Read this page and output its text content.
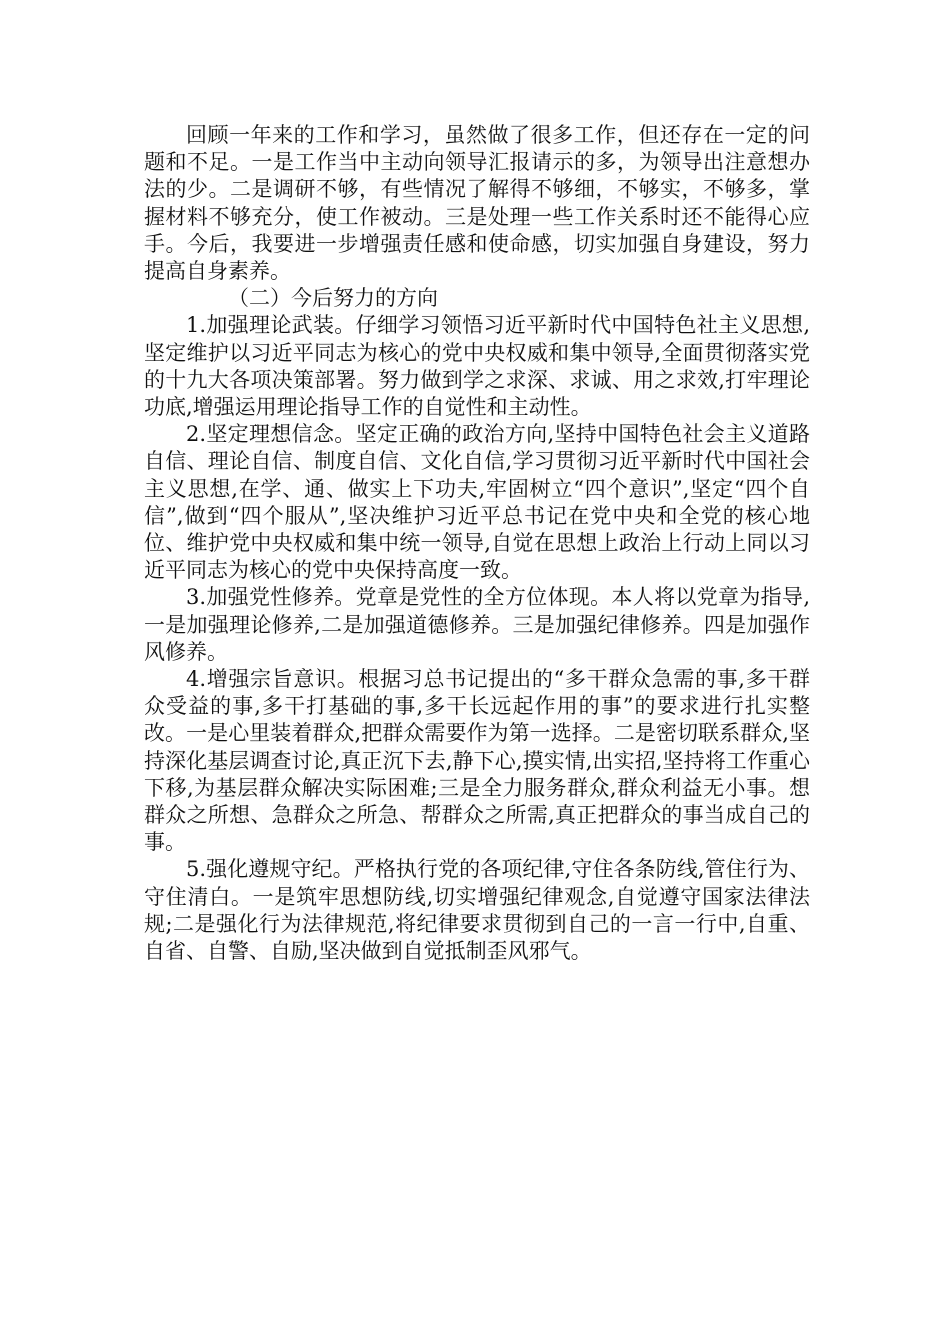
回顾一年来的工作和学习，虽然做了很多工作，但还存在一定的问题和不足。一是工作当中主动向领导汇报请示的多，为领导出注意想办法的少。二是调研不够，有些情况了解得不够细，不够实，不够多，掌握材料不够充分，使工作被动。三是处理一些工作关系时还不能得心应手。今后，我要进一步增强责任感和使命感，切实加强自身建设，努力提高自身素养。

（二）今后努力的方向

1.加强理论武装。仔细学习领悟习近平新时代中国特色社主义思想,坚定维护以习近平同志为核心的党中央权威和集中领导,全面贯彻落实党的十九大各项决策部署。努力做到学之求深、求诚、用之求效,打牢理论功底,增强运用理论指导工作的自觉性和主动性。

2.坚定理想信念。坚定正确的政治方向,坚持中国特色社会主义道路自信、理论自信、制度自信、文化自信,学习贯彻习近平新时代中国社会主义思想,在学、通、做实上下功夫,牢固树立“四个意识”,坚定“四个自信”,做到“四个服从”,坚决维护习近平总书记在党中央和全党的核心地位、维护党中央权威和集中统一领导,自觉在思想上政治上行动上同以习近平同志为核心的党中央保持高度一致。

3.加强党性修养。党章是党性的全方位体现。本人将以党章为指导,一是加强理论修养,二是加强道德修养。三是加强纪律修养。四是加强作风修养。

4.增强宗旨意识。根据习总书记提出的“多干群众急需的事,多干群众受益的事,多干打基础的事,多干长远起作用的事”的要求进行扎实整改。一是心里装着群众,把群众需要作为第一选择。二是密切联系群众,坚持深化基层调查讨论,真正沉下去,静下心,摸实情,出实招,坚持将工作重心下移,为基层群众解决实际困难;三是全力服务群众,群众利益无小事。想群众之所想、急群众之所急、帮群众之所需,真正把群众的事当成自己的事。

5.强化遵规守纪。严格执行党的各项纪律,守住各条防线,管住行为、守住清白。一是筑牢思想防线,切实增强纪律观念,自觉遵守国家法律法规;二是强化行为法律规范,将纪律要求贯彻到自己的一言一行中,自重、自省、自警、自励,坚决做到自觉抵制歪风邪气。
